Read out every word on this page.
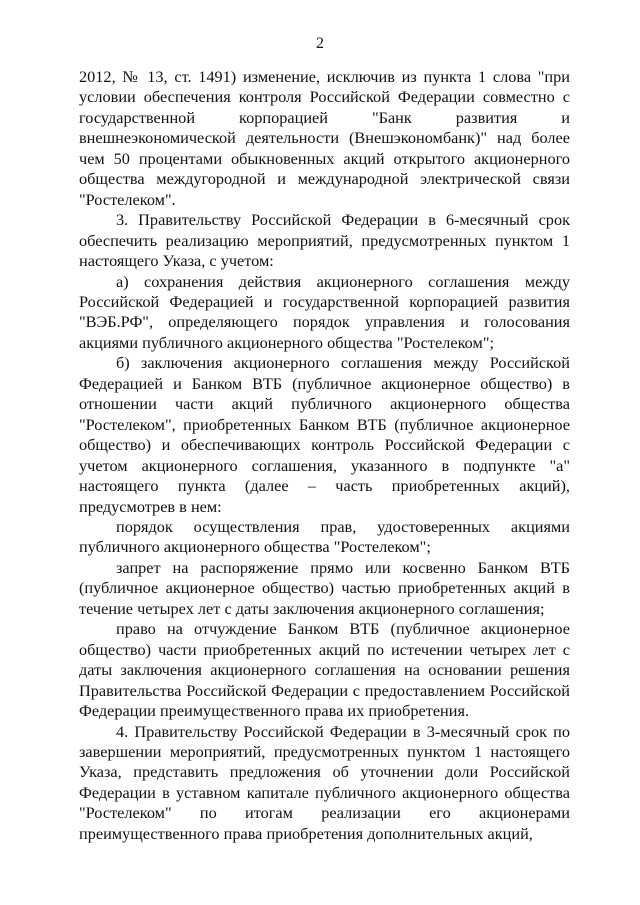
2

2012, № 13, ст. 1491) изменение, исключив из пункта 1 слова "при условии обеспечения контроля Российской Федерации совместно с государственной корпорацией "Банк развития и внешнеэкономической деятельности (Внешэкономбанк)" над более чем 50 процентами обыкновенных акций открытого акционерного общества междугородной и международной электрической связи "Ростелеком".

3. Правительству Российской Федерации в 6-месячный срок обеспечить реализацию мероприятий, предусмотренных пунктом 1 настоящего Указа, с учетом:

а) сохранения действия акционерного соглашения между Российской Федерацией и государственной корпорацией развития "ВЭБ.РФ", определяющего порядок управления и голосования акциями публичного акционерного общества "Ростелеком";

б) заключения акционерного соглашения между Российской Федерацией и Банком ВТБ (публичное акционерное общество) в отношении части акций публичного акционерного общества "Ростелеком", приобретенных Банком ВТБ (публичное акционерное общество) и обеспечивающих контроль Российской Федерации с учетом акционерного соглашения, указанного в подпункте "а" настоящего пункта (далее – часть приобретенных акций), предусмотрев в нем:

порядок осуществления прав, удостоверенных акциями публичного акционерного общества "Ростелеком";

запрет на распоряжение прямо или косвенно Банком ВТБ (публичное акционерное общество) частью приобретенных акций в течение четырех лет с даты заключения акционерного соглашения;

право на отчуждение Банком ВТБ (публичное акционерное общество) части приобретенных акций по истечении четырех лет с даты заключения акционерного соглашения на основании решения Правительства Российской Федерации с предоставлением Российской Федерации преимущественного права их приобретения.

4. Правительству Российской Федерации в 3-месячный срок по завершении мероприятий, предусмотренных пунктом 1 настоящего Указа, представить предложения об уточнении доли Российской Федерации в уставном капитале публичного акционерного общества "Ростелеком" по итогам реализации его акционерами преимущественного права приобретения дополнительных акций,
